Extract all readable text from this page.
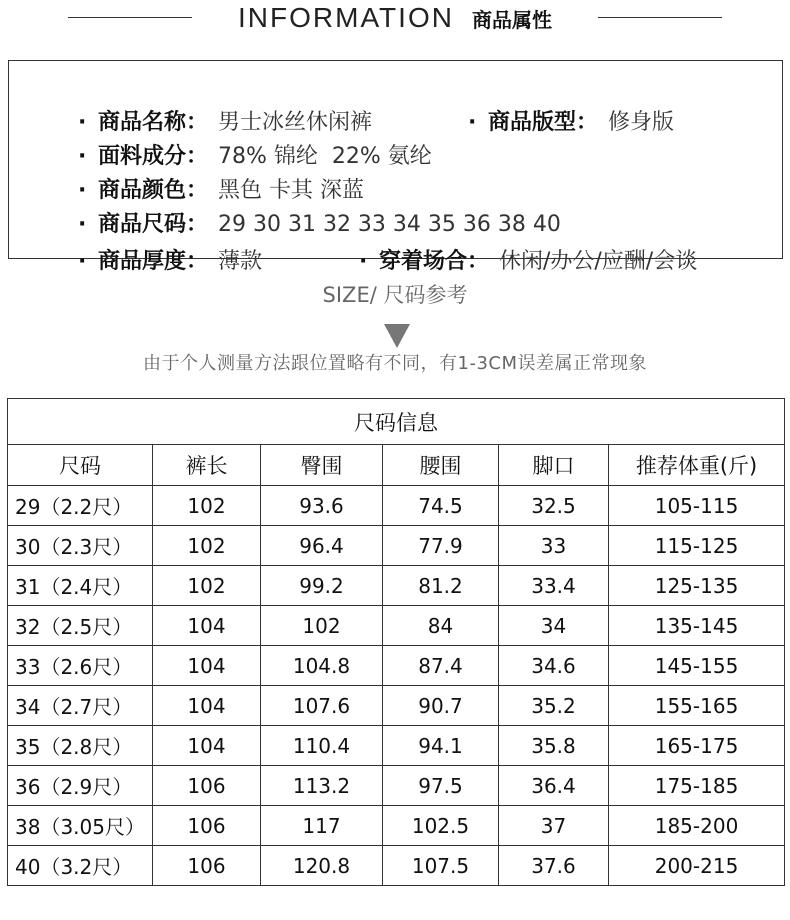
INFORMATION 商品属性

· 商品名称： 男士冰丝休闲裤
	· 商品版型： 修身版

· 面料成分： 78% 锦纶  22% 氨纶

· 商品颜色： 黑色 卡其 深蓝

· 商品尺码： 29 30 31 32 33 34 35 36 38 40

· 商品厚度： 薄款
	· 穿着场合： 休闲/办公/应酬/会谈

SIZE/ 尺码参考
由于个人测量方法跟位置略有不同，有1-3CM误差属正常现象
尺码信息					
尺码	裤长	臀围	腰围	脚口	推荐体重(斤)
29（2.2尺）	102	93.6	74.5	32.5	105-115
30（2.3尺）	102	96.4	77.9	33	115-125
31（2.4尺）	102	99.2	81.2	33.4	125-135
32（2.5尺）	104	102	84	34	135-145
33（2.6尺）	104	104.8	87.4	34.6	145-155
34（2.7尺）	104	107.6	90.7	35.2	155-165
35（2.8尺）	104	110.4	94.1	35.8	165-175
36（2.9尺）	106	113.2	97.5	36.4	175-185
38（3.05尺）	106	117	102.5	37	185-200
40（3.2尺）	106	120.8	107.5	37.6	200-215
